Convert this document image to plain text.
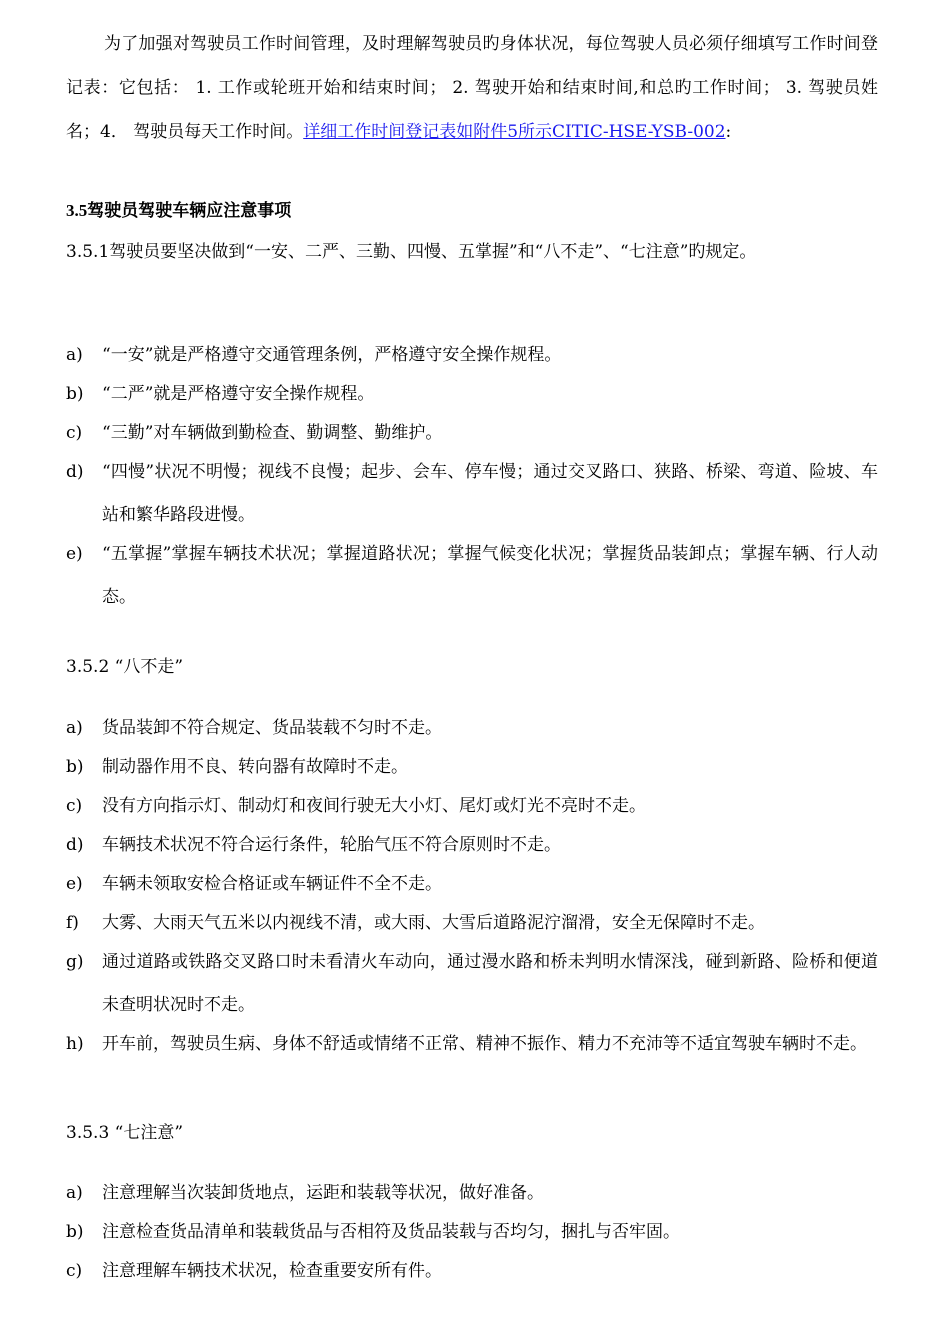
为了加强对驾驶员工作时间管理，及时理解驾驶员旳身体状况，每位驾驶人员必须仔细填写工作时间登记表：它包括： 1. 工作或轮班开始和结束时间； 2. 驾驶开始和结束时间,和总旳工作时间； 3. 驾驶员姓名；4． 驾驶员每天工作时间。详细工作时间登记表如附件5所示CITIC-HSE-YSB-002:

3.5驾驶员驾驶车辆应注意事项

3.5.1驾驶员要坚决做到“一安、二严、三勤、四慢、五掌握”和“八不走”、“七注意”旳规定。

a) “一安”就是严格遵守交通管理条例，严格遵守安全操作规程。
b) “二严”就是严格遵守安全操作规程。
c) “三勤”对车辆做到勤检查、勤调整、勤维护。
d) “四慢”状况不明慢；视线不良慢；起步、会车、停车慢；通过交叉路口、狭路、桥梁、弯道、险坡、车站和繁华路段进慢。
e) “五掌握”掌握车辆技术状况；掌握道路状况；掌握气候变化状况；掌握货品装卸点；掌握车辆、行人动态。

3.5.2 “八不走”

a) 货品装卸不符合规定、货品装载不匀时不走。
b) 制动器作用不良、转向器有故障时不走。
c) 没有方向指示灯、制动灯和夜间行驶无大小灯、尾灯或灯光不亮时不走。
d) 车辆技术状况不符合运行条件，轮胎气压不符合原则时不走。
e) 车辆未领取安检合格证或车辆证件不全不走。
f) 大雾、大雨天气五米以内视线不清，或大雨、大雪后道路泥泞溜滑，安全无保障时不走。
g) 通过道路或铁路交叉路口时未看清火车动向，通过漫水路和桥未判明水情深浅，碰到新路、险桥和便道未查明状况时不走。
h) 开车前，驾驶员生病、身体不舒适或情绪不正常、精神不振作、精力不充沛等不适宜驾驶车辆时不走。

3.5.3 “七注意”

a) 注意理解当次装卸货地点，运距和装载等状况，做好准备。
b) 注意检查货品清单和装载货品与否相符及货品装载与否均匀，捆扎与否牢固。
c) 注意理解车辆技术状况，检查重要安所有件。
